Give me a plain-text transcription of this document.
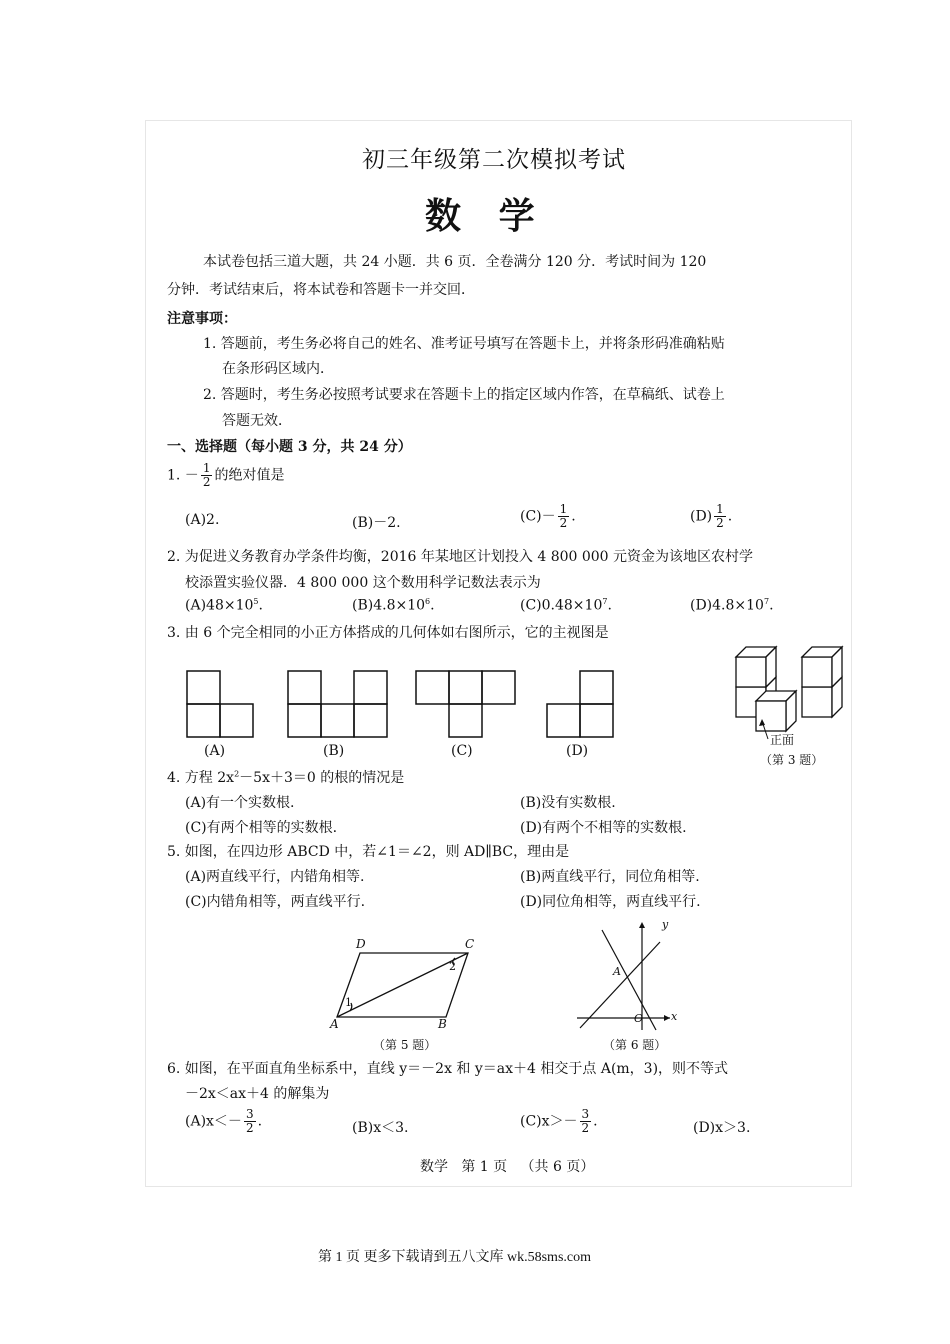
初三年级第二次模拟考试
数   学
本试卷包括三道大题，共 24 小题．共 6 页．全卷满分 120 分．考试时间为 120
分钟．考试结束后，将本试卷和答题卡一并交回．
注意事项：
1. 答题前，考生务必将自己的姓名、准考证号填写在答题卡上，并将条形码准确粘贴
在条形码区域内．
2. 答题时，考生务必按照考试要求在答题卡上的指定区域内作答，在草稿纸、试卷上
答题无效．
一、选择题（每小题 3 分，共 24 分）
1. － $\frac{1}{2}$ 的绝对值是
(A)2.	(B)－2.	$(C)- \frac{1}{2}$ .	$(D) \frac{1}{2}$ .
2. 为促进义务教育办学条件均衡，2016 年某地区计划投入 4 800 000 元资金为该地区农村学
校添置实验仪器．4 800 000 这个数用科学记数法表示为
$(A)48\times 10^5$.	$(B)4.8\times 10^6$.	$(C)0.48\times 10^7$.	$(D)4.8\times 10^7$.
3. 由 6 个完全相同的小正方体搭成的几何体如右图所示，它的主视图是
(A)	(B)	(C)	(D)
正面
（第 3 题）
4. 方程 $2x^2-5x+3=0$ 的根的情况是
(A)有一个实数根.	(B)没有实数根.
(C)有两个相等的实数根.	(D)有两个不相等的实数根.
5. 如图，在四边形 ABCD 中，若∠1＝∠2，则 AD∥BC，理由是
(A)两直线平行，内错角相等.	(B)两直线平行，同位角相等.
(C)内错角相等，两直线平行.	(D)同位角相等，两直线平行.
A	B
C
D
1
2
（第 5 题）
y
x
O
A
（第 6 题）
6. 如图，在平面直角坐标系中，直线 y＝－2x 和 y＝ax＋4 相交于点 A(m，3)，则不等式
－2x＜ax＋4 的解集为
$(A)x<- \frac{3}{2}$ .	(B)x＜3.	$(C)x>- \frac{3}{2}$ .	(D)x＞3.
数学   第 1 页   （共 6 页）
第 1 页 更多下载请到五八文库 wk.58sms.com
